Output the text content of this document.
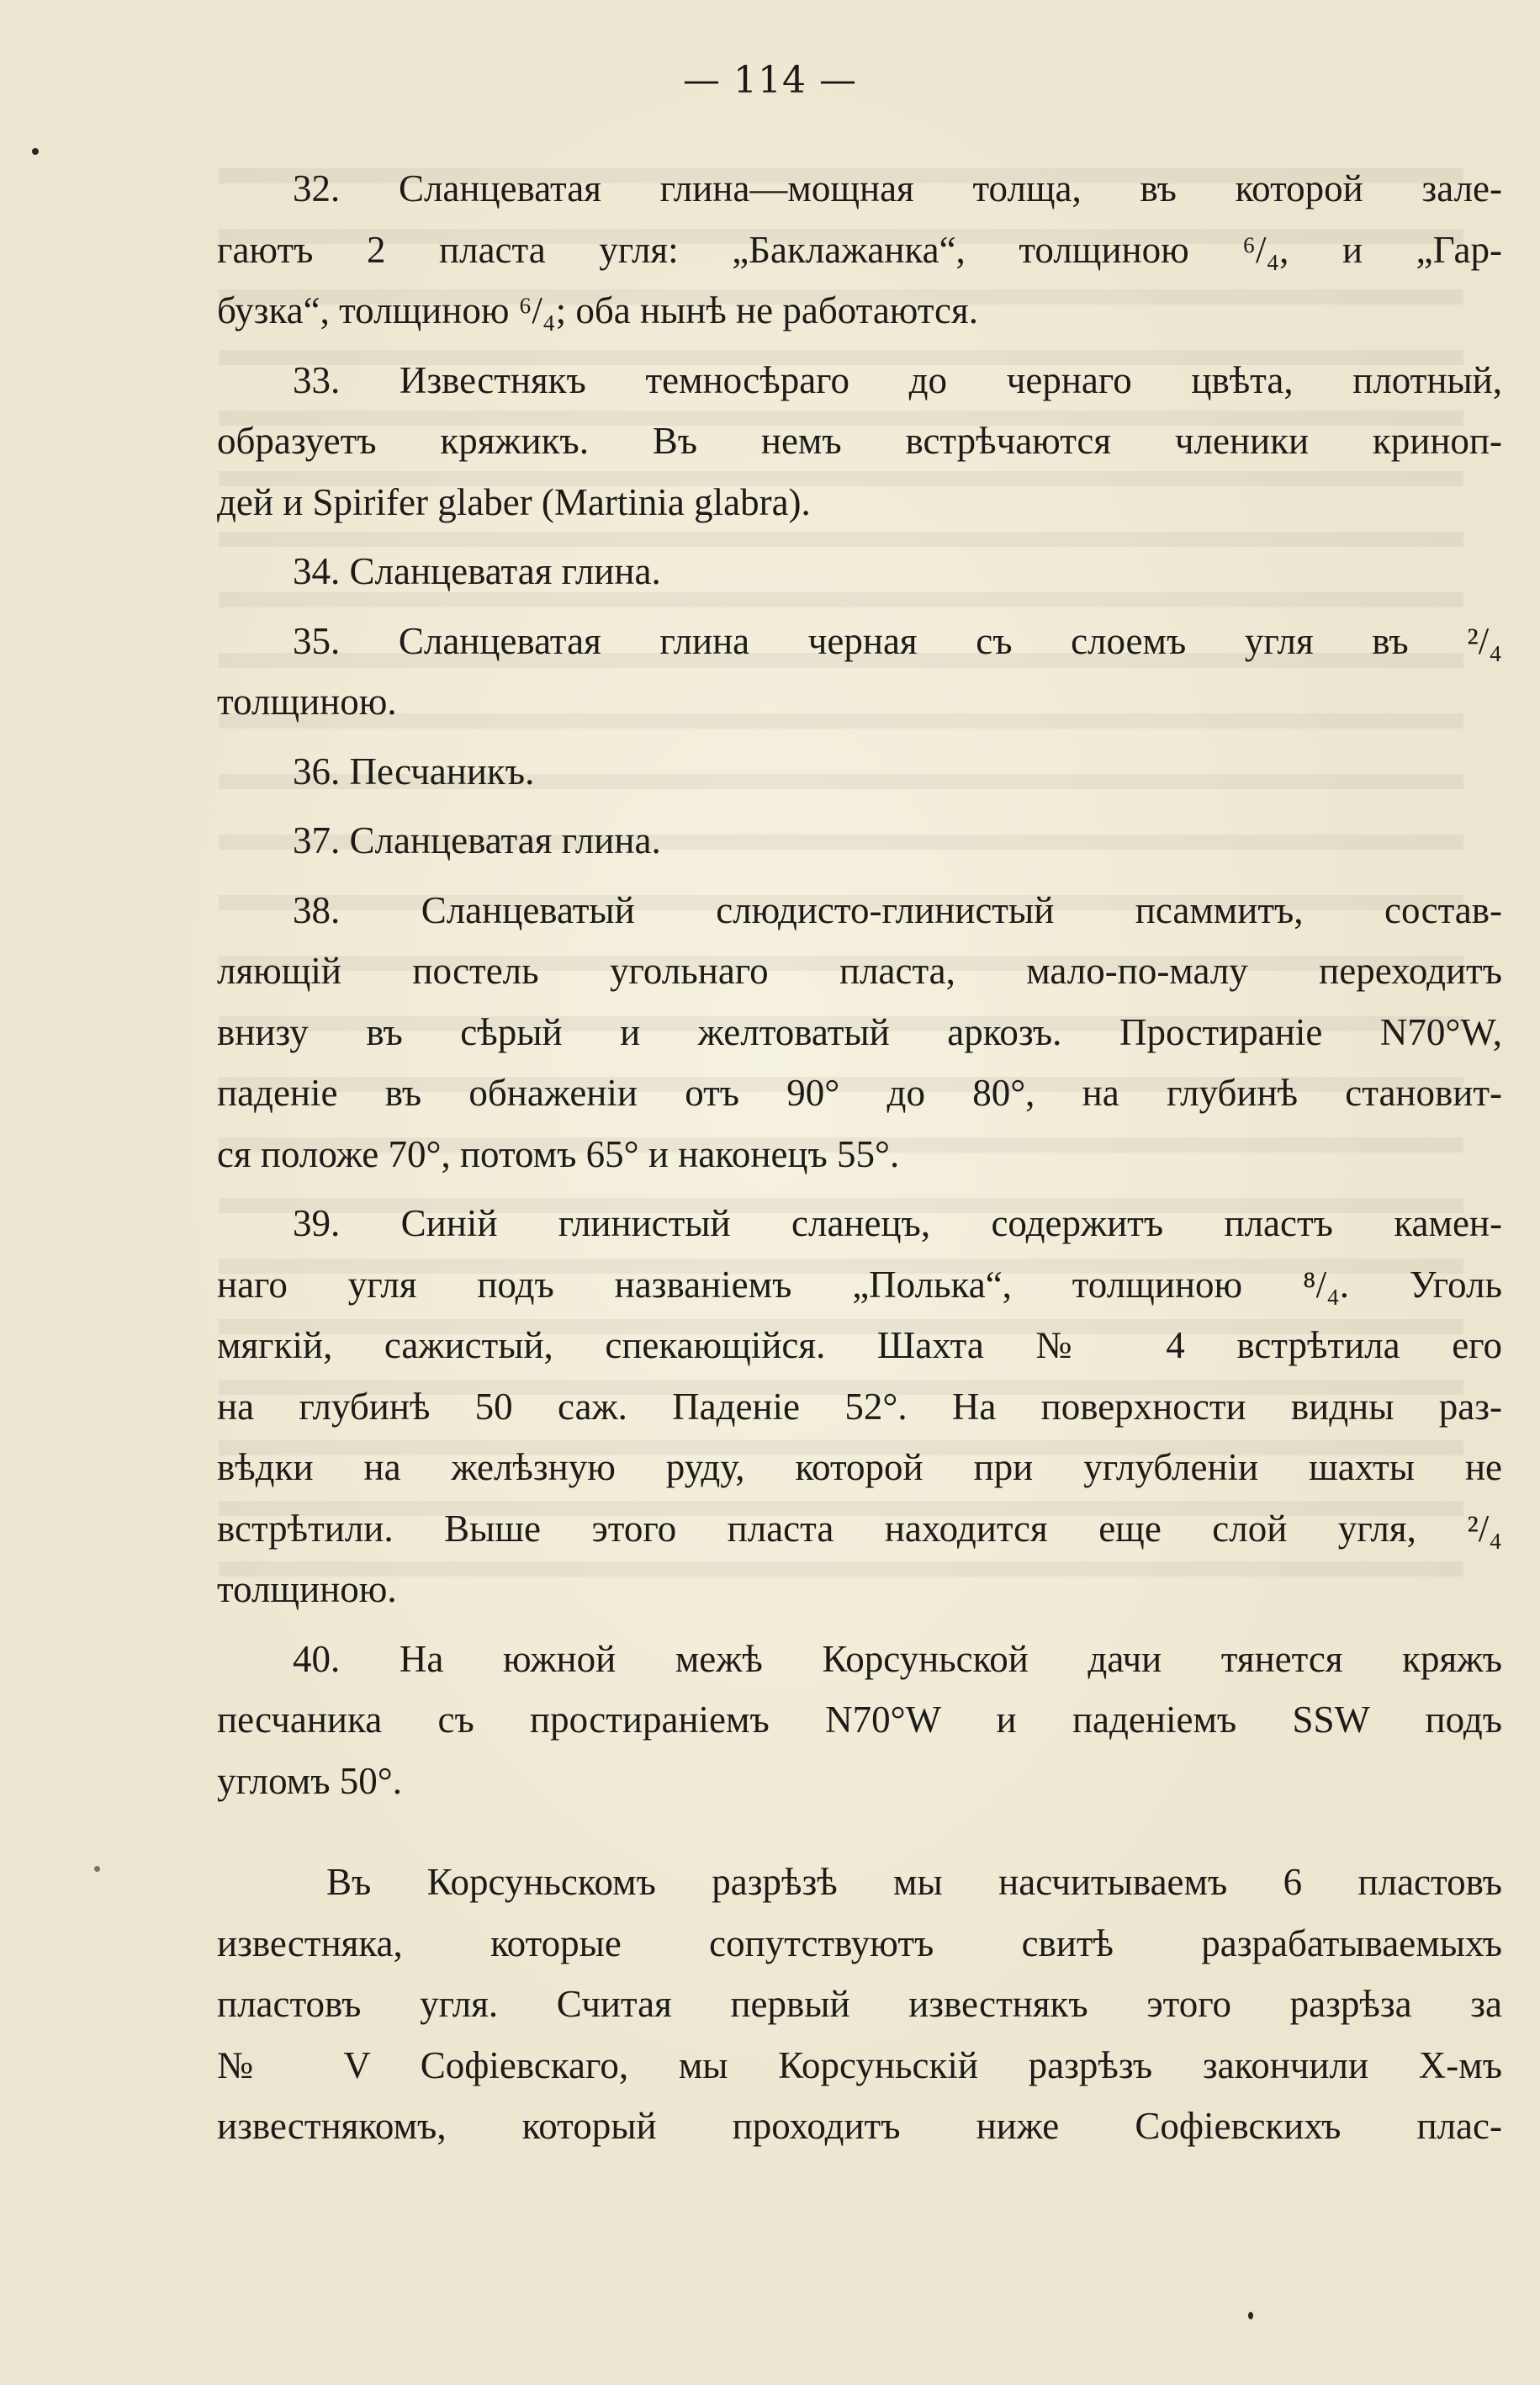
— 114 —
32. Сланцеватая глина—мощная толща, въ которой зале-
гаютъ 2 пласта угля: „Баклажанка“, толщиною ⁶/₄, и „Гар-
бузка“, толщиною ⁶/₄; оба нынѣ не работаются.
33. Известнякъ темносѣраго до чернаго цвѣта, плотный,
образуетъ кряжикъ. Въ немъ встрѣчаются членики криноп-
дей и Spirifer glaber (Martinia glabra).
34. Сланцеватая глина.
35. Сланцеватая глина черная съ слоемъ угля въ ²/₄
толщиною.
36. Песчаникъ.
37. Сланцеватая глина.
38. Сланцеватый слюдисто-глинистый псаммитъ, состав-
ляющій постель угольнаго пласта, мало-по-малу переходитъ
внизу въ сѣрый и желтоватый аркозъ. Простираніе N70°W,
паденіе въ обнаженіи отъ 90° до 80°, на глубинѣ становит-
ся положе 70°, потомъ 65° и наконецъ 55°.
39. Синій глинистый сланецъ, содержитъ пластъ камен-
наго угля подъ названіемъ „Полька“, толщиною ⁸/₄. Уголь
мягкій, сажистый, спекающійся. Шахта № 4 встрѣтила его
на глубинѣ 50 саж. Паденіе 52°. На поверхности видны раз-
вѣдки на желѣзную руду, которой при углубленіи шахты не
встрѣтили. Выше этого пласта находится еще слой угля, ²/₄
толщиною.
40. На южной межѣ Корсуньской дачи тянется кряжъ
песчаника съ простираніемъ N70°W и паденіемъ SSW подъ
угломъ 50°.
Въ Корсуньскомъ разрѣзѣ мы насчитываемъ 6 пластовъ
известняка, которые сопутствуютъ свитѣ разрабатываемыхъ
пластовъ угля. Считая первый известнякъ этого разрѣза за
№ V Софіевскаго, мы Корсуньскій разрѣзъ закончили X-мъ
известнякомъ, который проходитъ ниже Софіевскихъ плас-
